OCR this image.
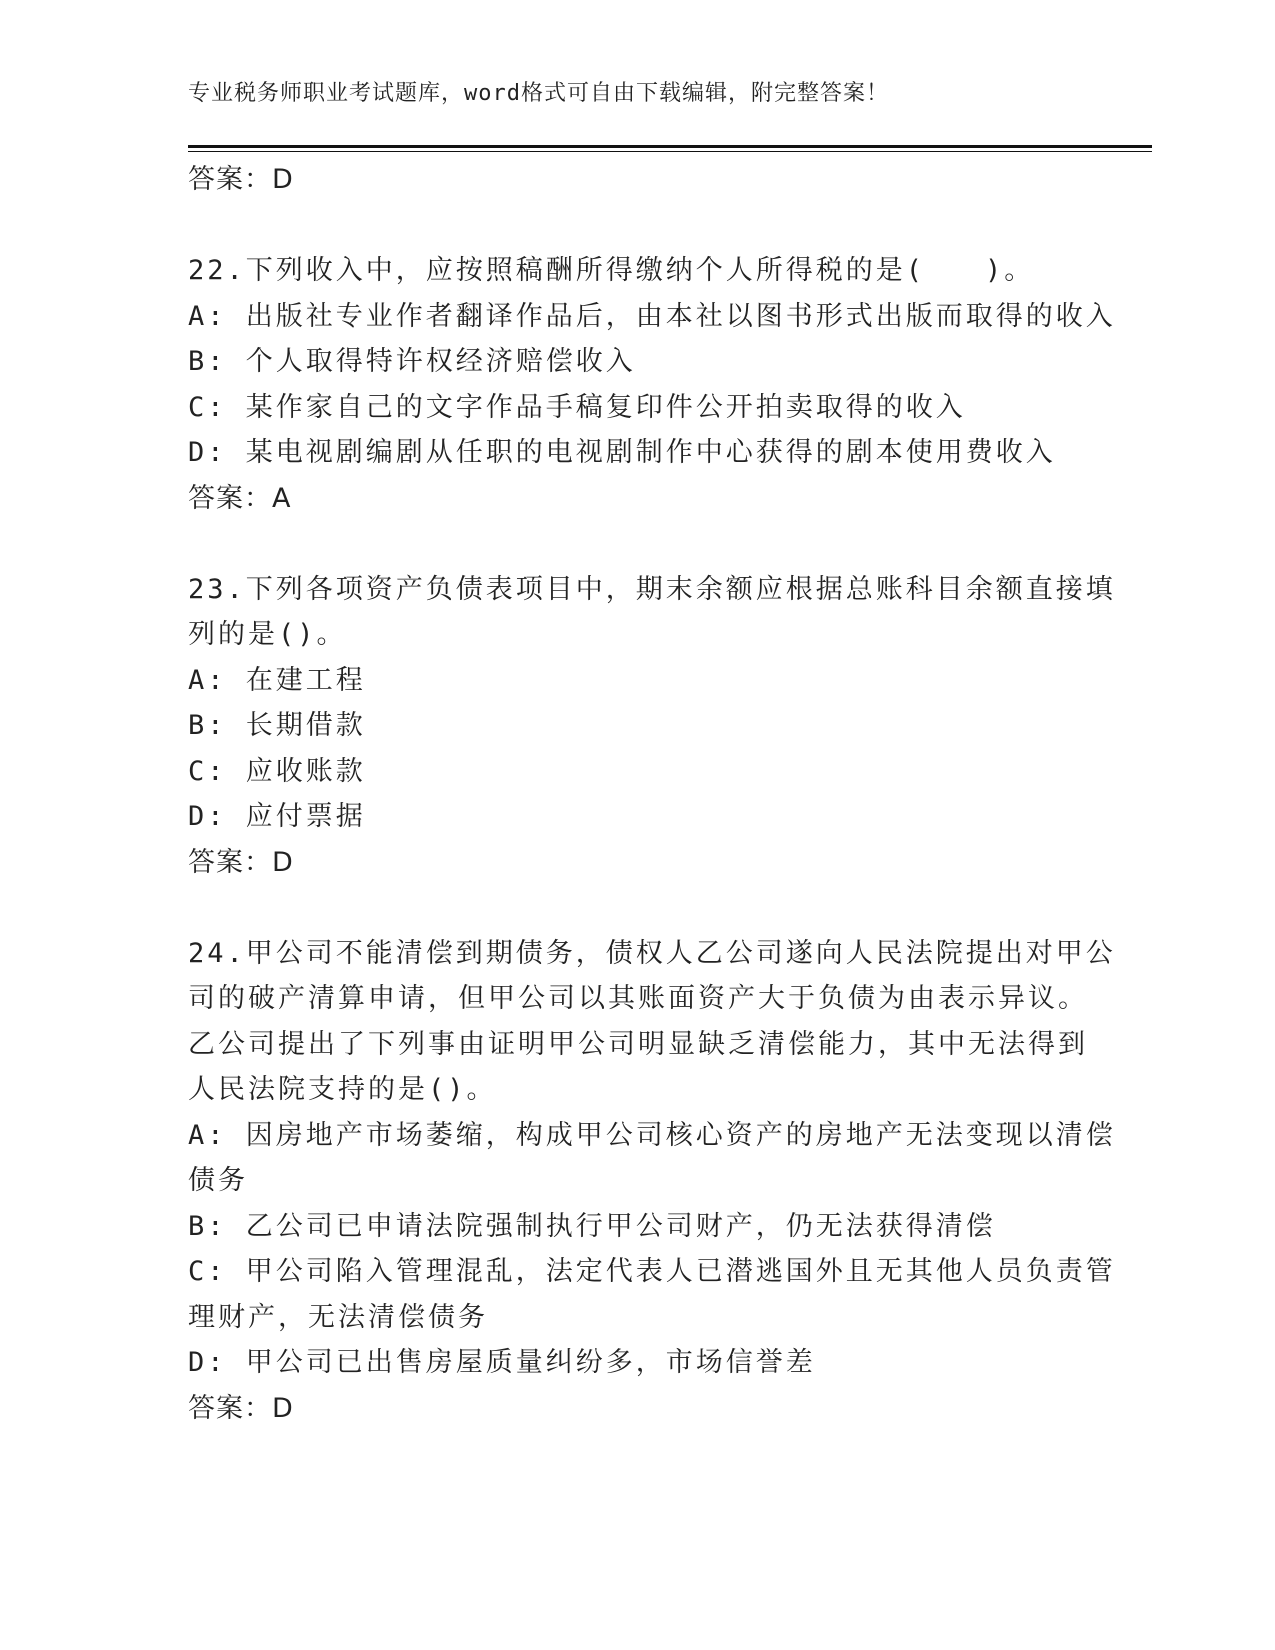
专业税务师职业考试题库，word格式可自由下载编辑，附完整答案！
答案：D
22.下列收入中，应按照稿酬所得缴纳个人所得税的是(　　)。
A: 出版社专业作者翻译作品后，由本社以图书形式出版而取得的收入
B: 个人取得特许权经济赔偿收入
C: 某作家自己的文字作品手稿复印件公开拍卖取得的收入
D: 某电视剧编剧从任职的电视剧制作中心获得的剧本使用费收入
答案：A
23.下列各项资产负债表项目中，期末余额应根据总账科目余额直接填
列的是()。
A: 在建工程
B: 长期借款
C: 应收账款
D: 应付票据
答案：D
24.甲公司不能清偿到期债务，债权人乙公司遂向人民法院提出对甲公
司的破产清算申请，但甲公司以其账面资产大于负债为由表示异议。
乙公司提出了下列事由证明甲公司明显缺乏清偿能力，其中无法得到
人民法院支持的是()。
A: 因房地产市场萎缩，构成甲公司核心资产的房地产无法变现以清偿
债务
B: 乙公司已申请法院强制执行甲公司财产，仍无法获得清偿
C: 甲公司陷入管理混乱，法定代表人已潜逃国外且无其他人员负责管
理财产，无法清偿债务
D: 甲公司已出售房屋质量纠纷多，市场信誉差
答案：D
